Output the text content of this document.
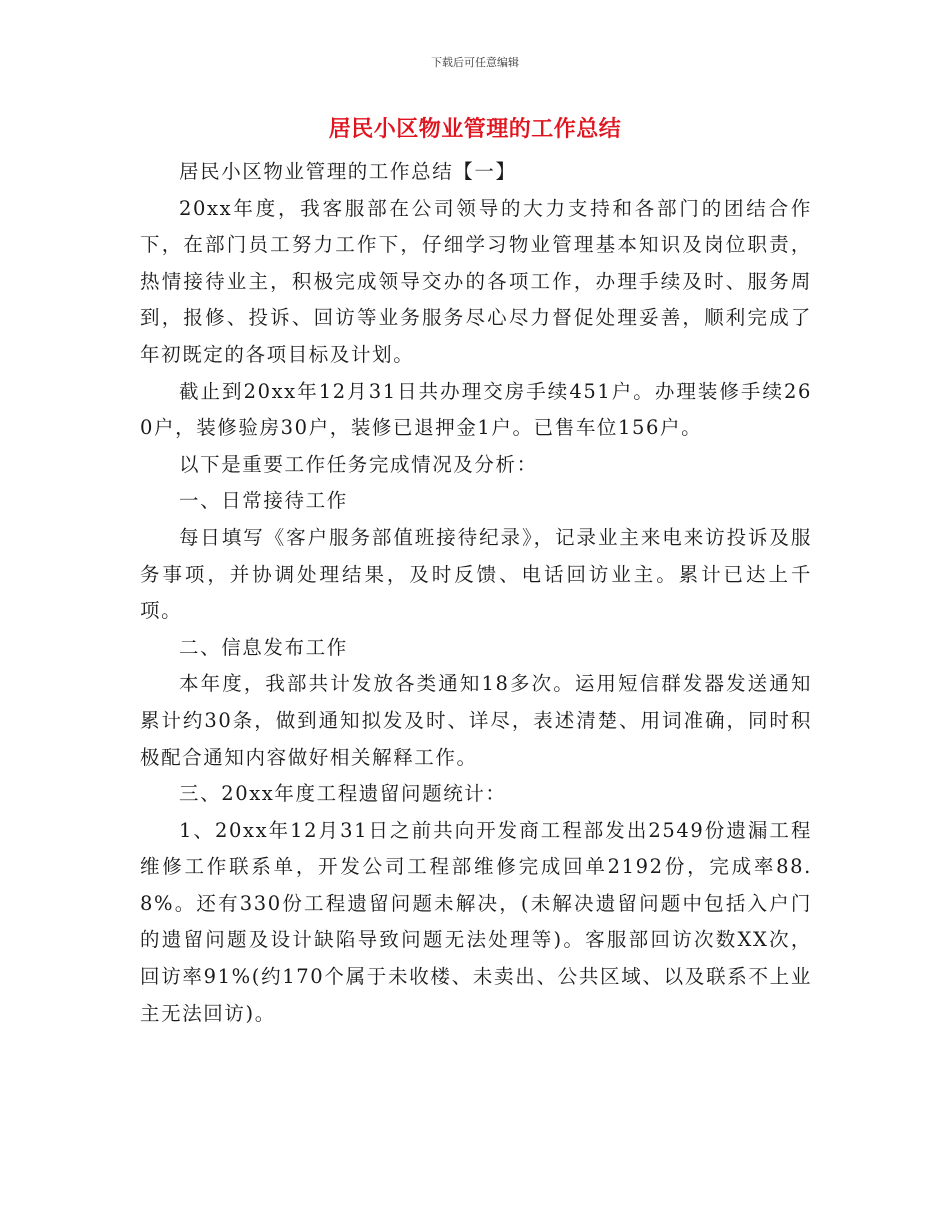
下载后可任意编辑
居民小区物业管理的工作总结

居民小区物业管理的工作总结【一】

20xx年度，我客服部在公司领导的大力支持和各部门的团结合作下，在部门员工努力工作下，仔细学习物业管理基本知识及岗位职责，热情接待业主，积极完成领导交办的各项工作，办理手续及时、服务周到，报修、投诉、回访等业务服务尽心尽力督促处理妥善，顺利完成了年初既定的各项目标及计划。

截止到20xx年12月31日共办理交房手续451户。办理装修手续260户，装修验房30户，装修已退押金1户。已售车位156户。

以下是重要工作任务完成情况及分析：

一、日常接待工作

每日填写《客户服务部值班接待纪录》，记录业主来电来访投诉及服务事项，并协调处理结果，及时反馈、电话回访业主。累计已达上千项。

二、信息发布工作

本年度，我部共计发放各类通知18多次。运用短信群发器发送通知累计约30条，做到通知拟发及时、详尽，表述清楚、用词准确，同时积极配合通知内容做好相关解释工作。

三、20xx年度工程遗留问题统计：

1、20xx年12月31日之前共向开发商工程部发出2549份遗漏工程维修工作联系单，开发公司工程部维修完成回单2192份，完成率88.8%。还有330份工程遗留问题未解决，(未解决遗留问题中包括入户门的遗留问题及设计缺陷导致问题无法处理等)。客服部回访次数XX次，回访率91%(约170个属于未收楼、未卖出、公共区域、以及联系不上业主无法回访)。
